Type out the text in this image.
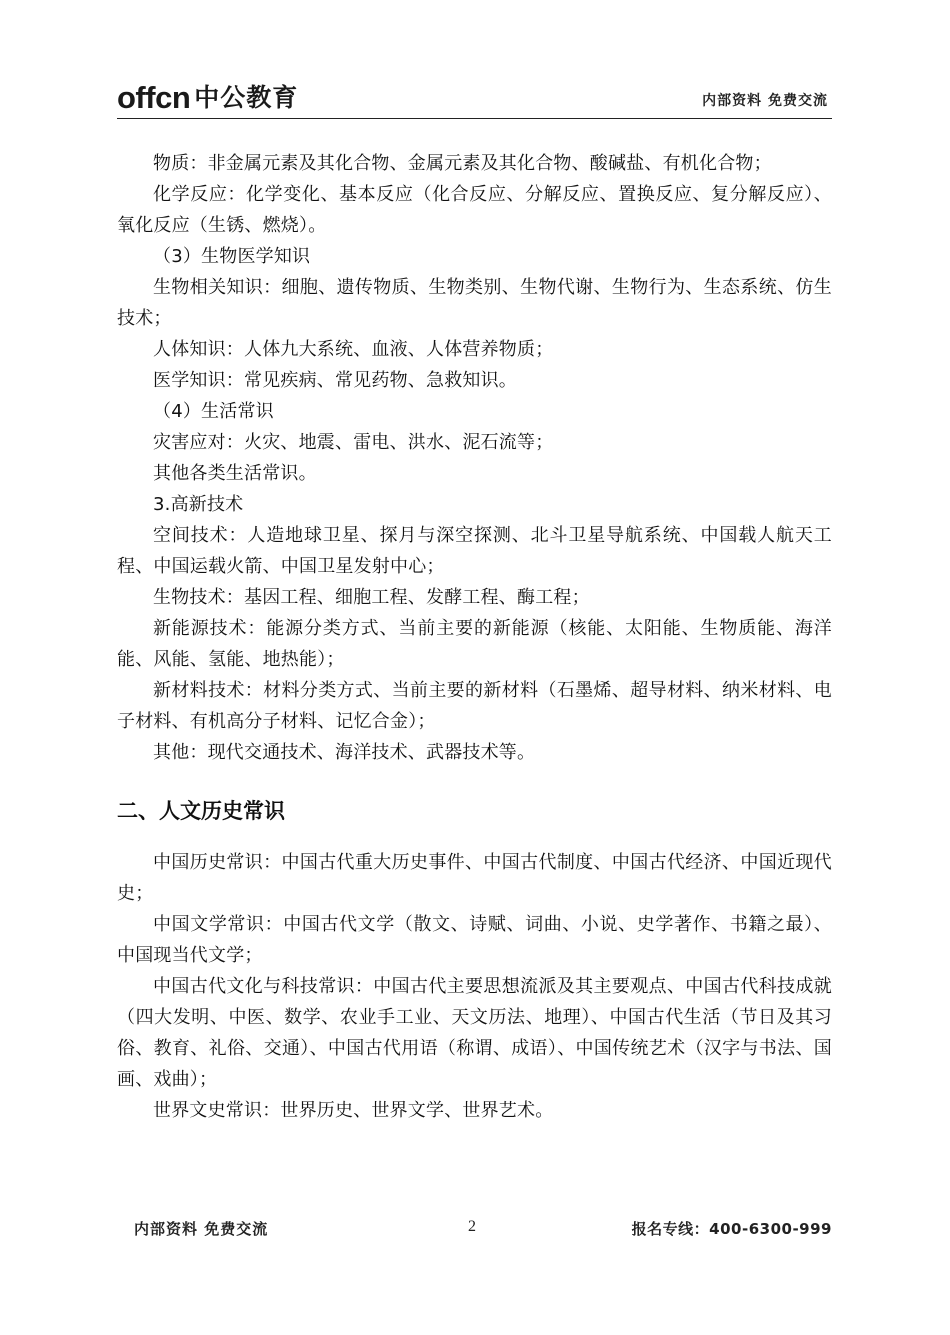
offcn 中公教育	内部资料 免费交流

物质：非金属元素及其化合物、金属元素及其化合物、酸碱盐、有机化合物；

化学反应：化学变化、基本反应（化合反应、分解反应、置换反应、复分解反应）、氧化反应（生锈、燃烧）。

（3）生物医学知识

生物相关知识：细胞、遗传物质、生物类别、生物代谢、生物行为、生态系统、仿生技术；

人体知识：人体九大系统、血液、人体营养物质；

医学知识：常见疾病、常见药物、急救知识。

（4）生活常识

灾害应对：火灾、地震、雷电、洪水、泥石流等；

其他各类生活常识。

3.高新技术

空间技术：人造地球卫星、探月与深空探测、北斗卫星导航系统、中国载人航天工程、中国运载火箭、中国卫星发射中心；

生物技术：基因工程、细胞工程、发酵工程、酶工程；

新能源技术：能源分类方式、当前主要的新能源（核能、太阳能、生物质能、海洋能、风能、氢能、地热能）；

新材料技术：材料分类方式、当前主要的新材料（石墨烯、超导材料、纳米材料、电子材料、有机高分子材料、记忆合金）；

其他：现代交通技术、海洋技术、武器技术等。

二、人文历史常识

中国历史常识：中国古代重大历史事件、中国古代制度、中国古代经济、中国近现代史；

中国文学常识：中国古代文学（散文、诗赋、词曲、小说、史学著作、书籍之最）、中国现当代文学；

中国古代文化与科技常识：中国古代主要思想流派及其主要观点、中国古代科技成就（四大发明、中医、数学、农业手工业、天文历法、地理）、中国古代生活（节日及其习俗、教育、礼俗、交通）、中国古代用语（称谓、成语）、中国传统艺术（汉字与书法、国画、戏曲）；

世界文史常识：世界历史、世界文学、世界艺术。

内部资料 免费交流	2	报名专线：400-6300-999
